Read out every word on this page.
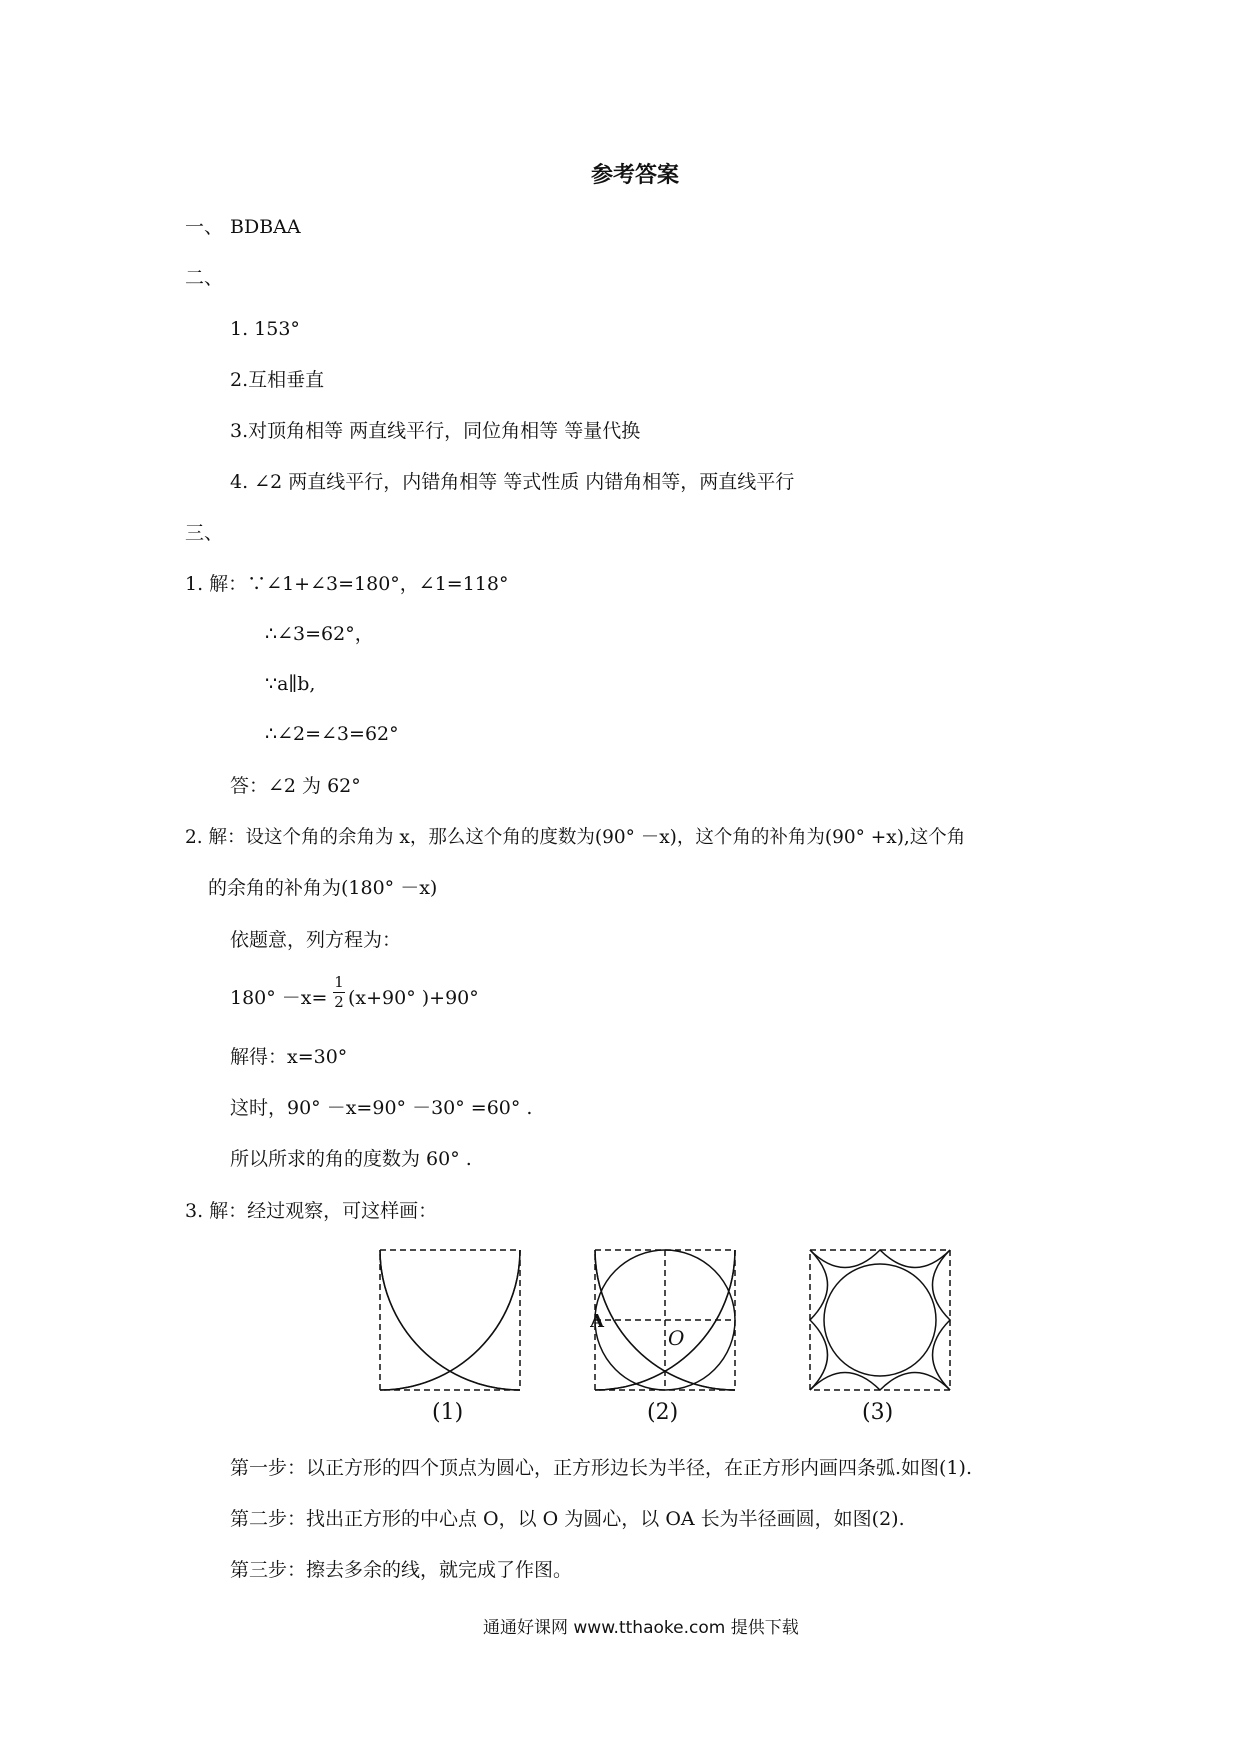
参考答案
一、 BDBAA
二、
1. 153°
2.互相垂直
3.对顶角相等 两直线平行，同位角相等 等量代换
4. ∠2 两直线平行，内错角相等 等式性质 内错角相等，两直线平行
三、
1. 解：∵∠1+∠3=180°，∠1=118°
∴∠3=62°，
∵a∥b,
∴∠2=∠3=62°
答：∠2 为 62°
2. 解：设这个角的余角为 x，那么这个角的度数为(90° －x)，这个角的补角为(90° +x),这个角
的余角的补角为(180° －x)
依题意，列方程为：
180° －x=
1
2 (x+90° )+90°
解得：x=30°
这时，90° －x=90° －30° =60° .
所以所求的角的度数为 60° .
3. 解：经过观察，可这样画：
A
O
(1)	(2)	(3)
第一步：以正方形的四个顶点为圆心，正方形边长为半径，在正方形内画四条弧.如图(1).
第二步：找出正方形的中心点 O，以 O 为圆心，以 OA 长为半径画圆，如图(2).
第三步：擦去多余的线，就完成了作图。
通通好课网 www.tthaoke.com 提供下载
